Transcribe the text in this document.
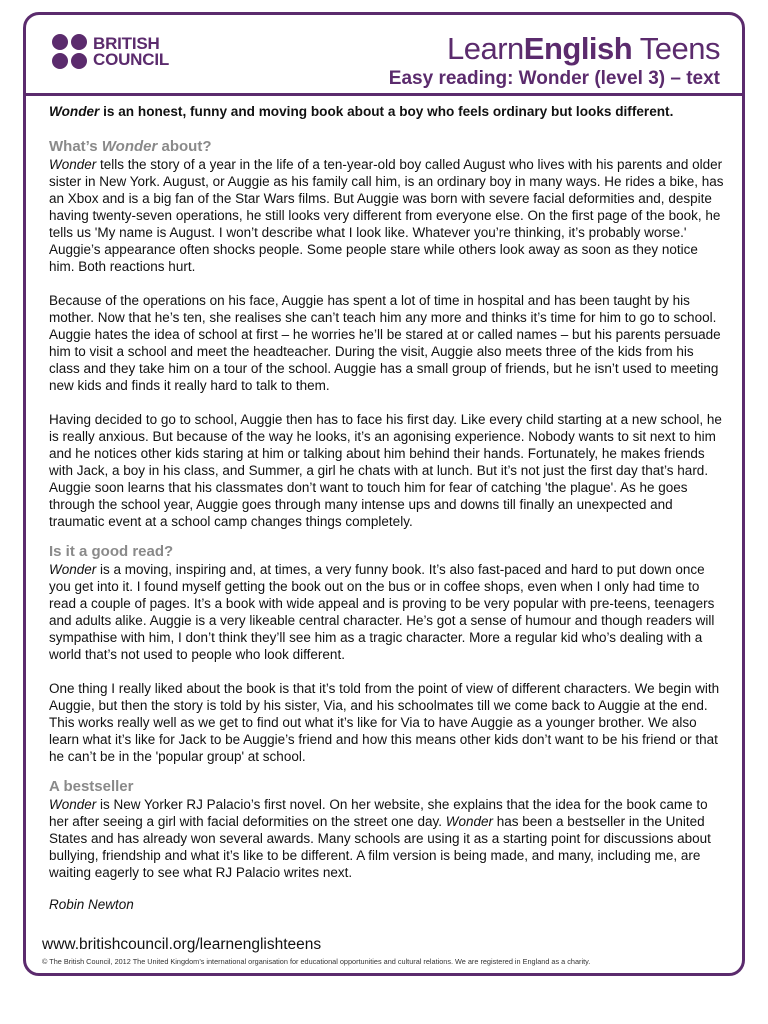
BRITISH
COUNCIL	LearnEnglish Teens
Easy reading: Wonder (level 3) – text
Wonder is an honest, funny and moving book about a boy who feels ordinary but looks different.
What’s Wonder about?

Wonder tells the story of a year in the life of a ten-year-old boy called August who lives with his parents and older sister in New York. August, or Auggie as his family call him, is an ordinary boy in many ways. He rides a bike, has an Xbox and is a big fan of the Star Wars films. But Auggie was born with severe facial deformities and, despite having twenty-seven operations, he still looks very different from everyone else. On the first page of the book, he tells us 'My name is August. I won’t describe what I look like. Whatever you’re thinking, it’s probably worse.' Auggie’s appearance often shocks people. Some people stare while others look away as soon as they notice him. Both reactions hurt.

Because of the operations on his face, Auggie has spent a lot of time in hospital and has been taught by his mother. Now that he’s ten, she realises she can’t teach him any more and thinks it’s time for him to go to school. Auggie hates the idea of school at first – he worries he’ll be stared at or called names – but his parents persuade him to visit a school and meet the headteacher. During the visit, Auggie also meets three of the kids from his class and they take him on a tour of the school. Auggie has a small group of friends, but he isn’t used to meeting new kids and finds it really hard to talk to them.

Having decided to go to school, Auggie then has to face his first day. Like every child starting at a new school, he is really anxious. But because of the way he looks, it’s an agonising experience. Nobody wants to sit next to him and he notices other kids staring at him or talking about him behind their hands. Fortunately, he makes friends with Jack, a boy in his class, and Summer, a girl he chats with at lunch. But it’s not just the first day that’s hard. Auggie soon learns that his classmates don’t want to touch him for fear of catching 'the plague'. As he goes through the school year, Auggie goes through many intense ups and downs till finally an unexpected and traumatic event at a school camp changes things completely.

Is it a good read?

Wonder is a moving, inspiring and, at times, a very funny book. It’s also fast-paced and hard to put down once you get into it. I found myself getting the book out on the bus or in coffee shops, even when I only had time to read a couple of pages. It’s a book with wide appeal and is proving to be very popular with pre-teens, teenagers and adults alike. Auggie is a very likeable central character. He’s got a sense of humour and though readers will sympathise with him, I don’t think they’ll see him as a tragic character. More a regular kid who’s dealing with a world that’s not used to people who look different.

One thing I really liked about the book is that it’s told from the point of view of different characters. We begin with Auggie, but then the story is told by his sister, Via, and his schoolmates till we come back to Auggie at the end. This works really well as we get to find out what it’s like for Via to have Auggie as a younger brother. We also learn what it’s like for Jack to be Auggie’s friend and how this means other kids don’t want to be his friend or that he can’t be in the 'popular group' at school.

A bestseller

Wonder is New Yorker RJ Palacio’s first novel. On her website, she explains that the idea for the book came to her after seeing a girl with facial deformities on the street one day. Wonder has been a bestseller in the United States and has already won several awards. Many schools are using it as a starting point for discussions about bullying, friendship and what it’s like to be different. A film version is being made, and many, including me, are waiting eagerly to see what RJ Palacio writes next.

Robin Newton
www.britishcouncil.org/learnenglishteens
© The British Council, 2012 The United Kingdom’s international organisation for educational opportunities and cultural relations. We are registered in England as a charity.
